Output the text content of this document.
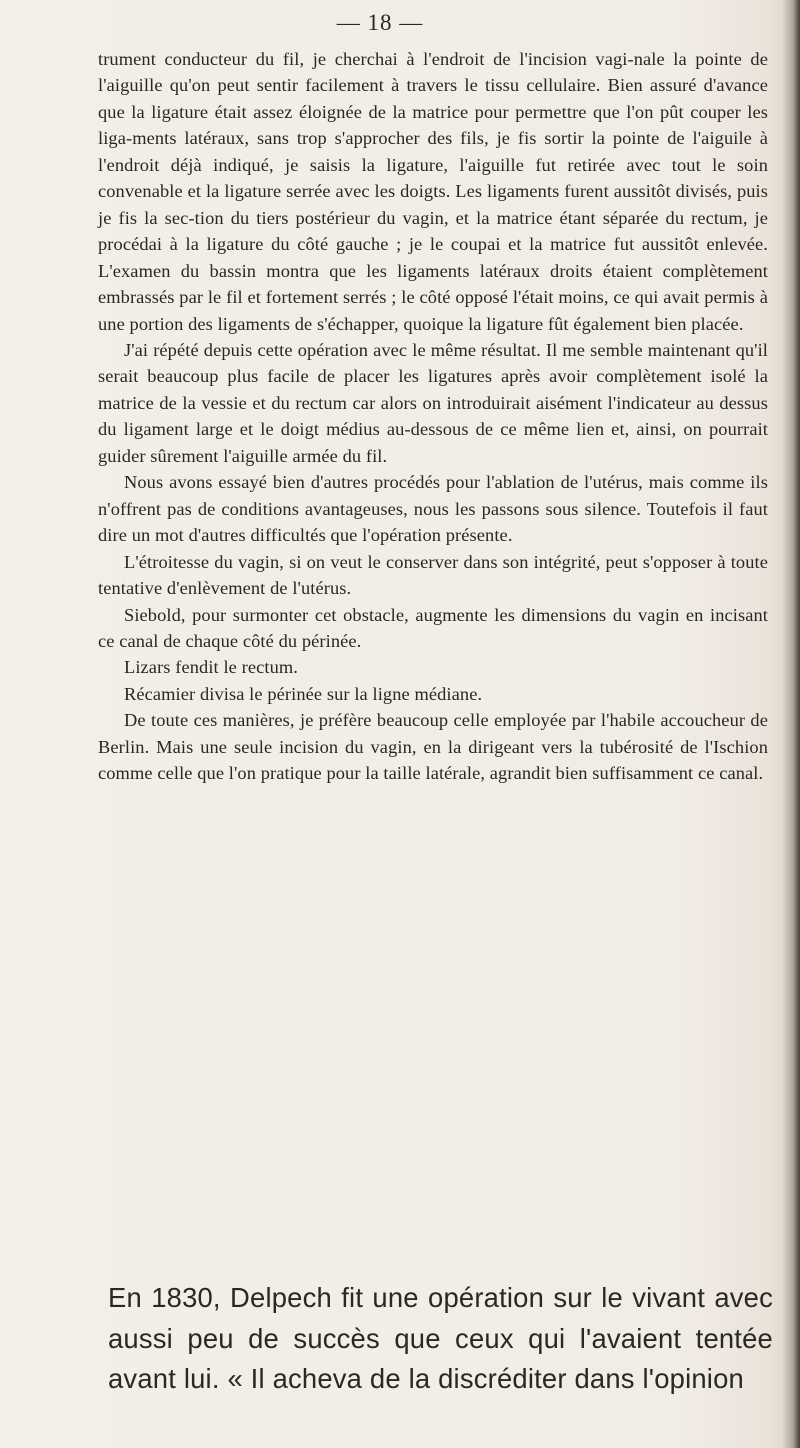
— 18 —

trument conducteur du fil, je cherchai à l'endroit de l'incision vagi-nale la pointe de l'aiguille qu'on peut sentir facilement à travers le tissu cellulaire. Bien assuré d'avance que la ligature était assez éloignée de la matrice pour permettre que l'on pût couper les liga-ments latéraux, sans trop s'approcher des fils, je fis sortir la pointe de l'aiguile à l'endroit déjà indiqué, je saisis la ligature, l'aiguille fut retirée avec tout le soin convenable et la ligature serrée avec les doigts. Les ligaments furent aussitôt divisés, puis je fis la sec-tion du tiers postérieur du vagin, et la matrice étant séparée du rectum, je procédai à la ligature du côté gauche ; je le coupai et la matrice fut aussitôt enlevée. L'examen du bassin montra que les ligaments latéraux droits étaient complètement embrassés par le fil et fortement serrés ; le côté opposé l'était moins, ce qui avait permis à une portion des ligaments de s'échapper, quoique la ligature fût également bien placée.

J'ai répété depuis cette opération avec le même résultat. Il me semble maintenant qu'il serait beaucoup plus facile de placer les ligatures après avoir complètement isolé la matrice de la vessie et du rectum car alors on introduirait aisément l'indicateur au dessus du ligament large et le doigt médius au-dessous de ce même lien et, ainsi, on pourrait guider sûrement l'aiguille armée du fil.

Nous avons essayé bien d'autres procédés pour l'ablation de l'utérus, mais comme ils n'offrent pas de conditions avantageuses, nous les passons sous silence. Toutefois il faut dire un mot d'autres difficultés que l'opération présente.

L'étroitesse du vagin, si on veut le conserver dans son intégrité, peut s'opposer à toute tentative d'enlèvement de l'utérus.

Siebold, pour surmonter cet obstacle, augmente les dimensions du vagin en incisant ce canal de chaque côté du périnée.

Lizars fendit le rectum.

Récamier divisa le périnée sur la ligne médiane.

De toute ces manières, je préfère beaucoup celle employée par l'habile accoucheur de Berlin. Mais une seule incision du vagin, en la dirigeant vers la tubérosité de l'Ischion comme celle que l'on pratique pour la taille latérale, agrandit bien suffisamment ce canal.

En 1830, Delpech fit une opération sur le vivant avec aussi peu de succès que ceux qui l'avaient tentée avant lui. « Il acheva de la discréditer dans l'opinion
